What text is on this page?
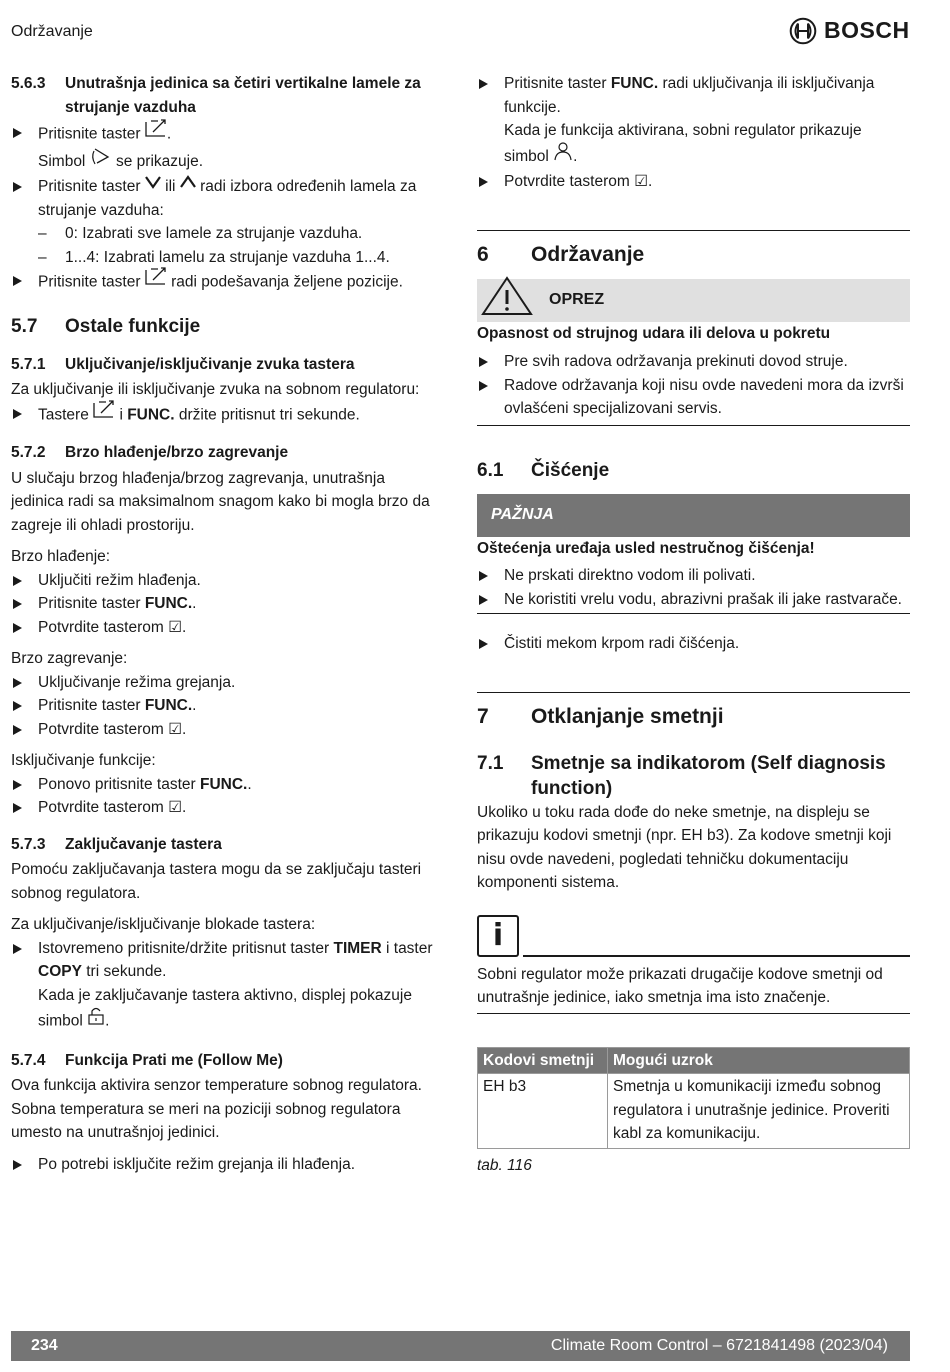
Održavanje	BOSCH
5.6.3	Unutrašnja jedinica sa četiri vertikalne lamele za strujanje vazduha
Pritisnite taster .
Simbol  se prikazuje.
Pritisnite taster  ili  radi izbora određenih lamela za strujanje vazduha:
– 0: Izabrati sve lamele za strujanje vazduha.
– 1...4: Izabrati lamelu za strujanje vazduha 1...4.
Pritisnite taster  radi podešavanja željene pozicije.
5.7	Ostale funkcije
5.7.1	Uključivanje/isključivanje zvuka tastera

Za uključivanje ili isključivanje zvuka na sobnom regulatoru:

Tastere  i FUNC. držite pritisnut tri sekunde.
5.7.2	Brzo hlađenje/brzo zagrevanje

U slučaju brzog hlađenja/brzog zagrevanja, unutrašnja jedinica radi sa maksimalnom snagom kako bi mogla brzo da zagreje ili ohladi prostoriju.

Brzo hlađenje:

Uključiti režim hlađenja.
Pritisnite taster FUNC..
Potvrdite tasterom ☑.

Brzo zagrevanje:

Uključivanje režima grejanja.
Pritisnite taster FUNC..
Potvrdite tasterom ☑.

Isključivanje funkcije:

Ponovo pritisnite taster FUNC..
Potvrdite tasterom ☑.
5.7.3	Zaključavanje tastera

Pomoću zaključavanja tastera mogu da se zaključaju tasteri sobnog regulatora.

Za uključivanje/isključivanje blokade tastera:

Istovremeno pritisnite/držite pritisnut taster TIMER i taster COPY tri sekunde.
Kada je zaključavanje tastera aktivno, displej pokazuje simbol .
5.7.4	Funkcija Prati me (Follow Me)

Ova funkcija aktivira senzor temperature sobnog regulatora. Sobna temperatura se meri na poziciji sobnog regulatora umesto na unutrašnjoj jedinici.

Po potrebi isključite režim grejanja ili hlađenja.
Pritisnite taster FUNC. radi uključivanja ili isključivanja funkcije.
Kada je funkcija aktivirana, sobni regulator prikazuje simbol .
Potvrdite tasterom ☑.
6	Održavanje
OPREZ

Opasnost od strujnog udara ili delova u pokretu

Pre svih radova održavanja prekinuti dovod struje.
Radove održavanja koji nisu ovde navedeni mora da izvrši ovlašćeni specijalizovani servis.
6.1	Čišćenje
PAŽNJA

Oštećenja uređaja usled nestručnog čišćenja!

Ne prskati direktno vodom ili polivati.
Ne koristiti vrelu vodu, abrazivni prašak ili jake rastvarače.
Čistiti mekom krpom radi čišćenja.
7	Otklanjanje smetnji
7.1	Smetnje sa indikatorom (Self diagnosis function)

Ukoliko u toku rada dođe do neke smetnje, na displeju se prikazuju kodovi smetnji (npr. EH b3). Za kodove smetnji koji nisu ovde navedeni, pogledati tehničku dokumentaciju komponenti sistema.

i

Sobni regulator može prikazati drugačije kodove smetnji od unutrašnje jedinice, iako smetnja ima isto značenje.

Kodovi smetnji	Mogući uzrok
EH b3	Smetnja u komunikaciji između sobnog regulatora i unutrašnje jedinice. Proveriti kabl za komunikaciju.

tab. 116

234	Climate Room Control – 6721841498 (2023/04)
